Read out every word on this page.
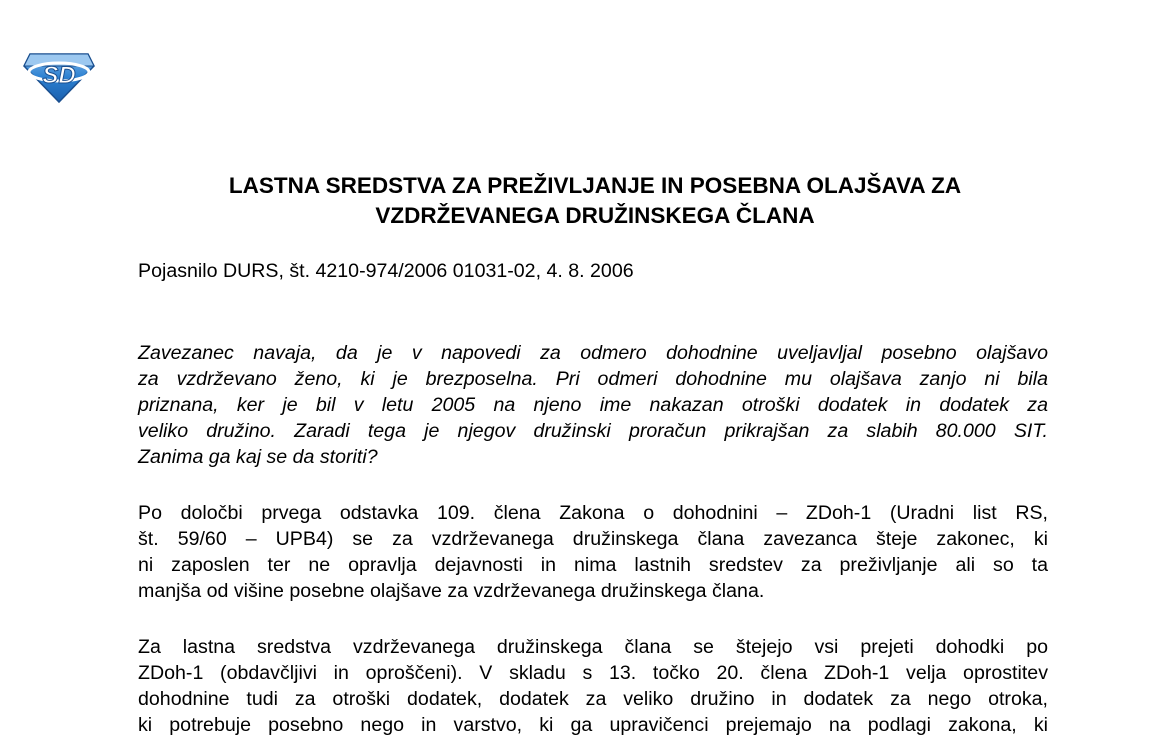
SD
LASTNA SREDSTVA ZA PREŽIVLJANJE IN POSEBNA OLAJŠAVA ZA
VZDRŽEVANEGA DRUŽINSKEGA ČLANA

Pojasnilo DURS, št. 4210-974/2006 01031-02, 4. 8. 2006

Zavezanec navaja, da je v napovedi za odmero dohodnine uveljavljal posebno olajšavo
za vzdrževano ženo, ki je brezposelna. Pri odmeri dohodnine mu olajšava zanjo ni bila
priznana, ker je bil v letu 2005 na njeno ime nakazan otroški dodatek in dodatek za
veliko družino. Zaradi tega je njegov družinski proračun prikrajšan za slabih 80.000 SIT.
Zanima ga kaj se da storiti?
Po določbi prvega odstavka 109. člena Zakona o dohodnini – ZDoh-1 (Uradni list RS,
št. 59/60 – UPB4) se za vzdrževanega družinskega člana zavezanca šteje zakonec, ki
ni zaposlen ter ne opravlja dejavnosti in nima lastnih sredstev za preživljanje ali so ta
manjša od višine posebne olajšave za vzdrževanega družinskega člana.
Za lastna sredstva vzdrževanega družinskega člana se štejejo vsi prejeti dohodki po
ZDoh-1 (obdavčljivi in oproščeni). V skladu s 13. točko 20. člena ZDoh-1 velja oprostitev
dohodnine tudi za otroški dodatek, dodatek za veliko družino in dodatek za nego otroka,
ki potrebuje posebno nego in varstvo, ki ga upravičenci prejemajo na podlagi zakona, ki
